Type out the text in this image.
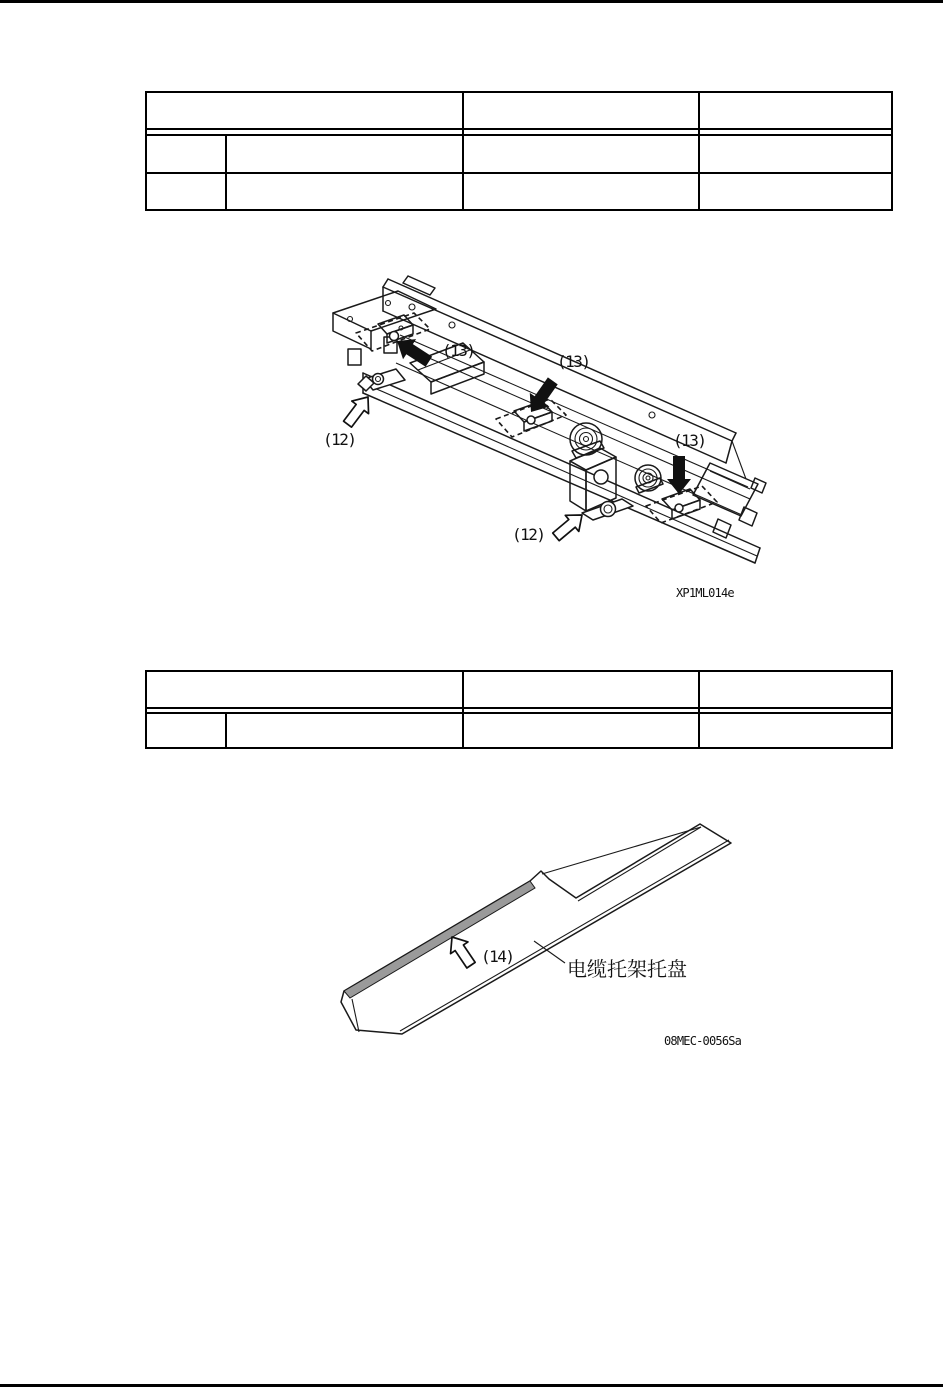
(13)
(13)
(13)
(12)
(12)
XP1ML014e
(14)
电缆托架托盘
08MEC-0056Sa
